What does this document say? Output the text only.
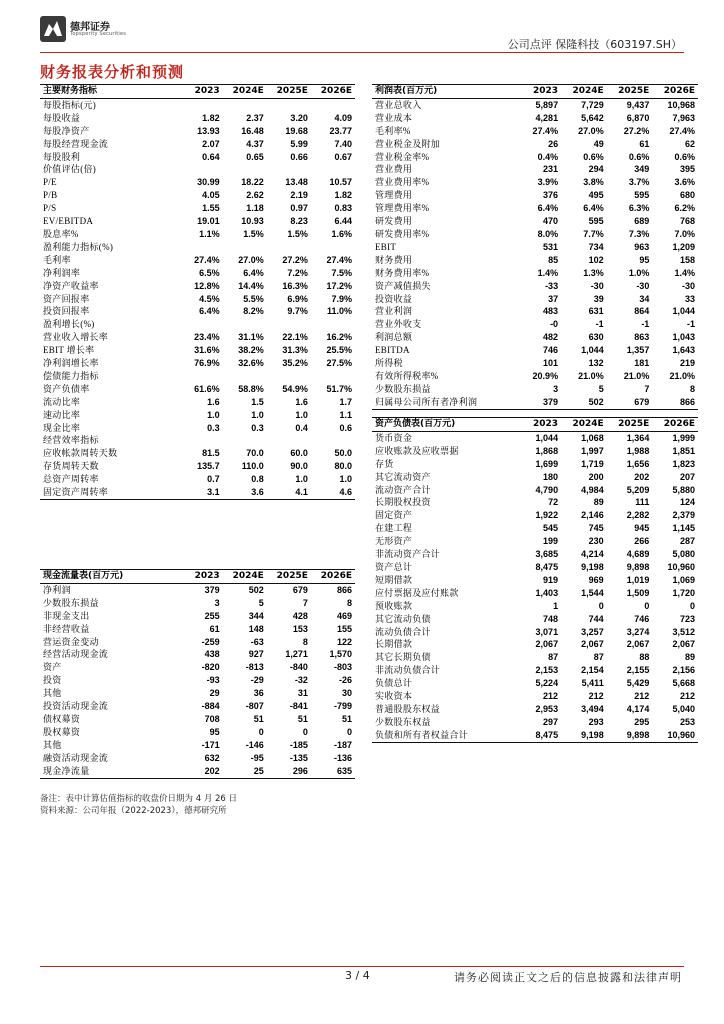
德邦证券
Topsperity Securities
公司点评 保隆科技（603197.SH）
财务报表分析和预测
主要财务指标	2023	2024E	2025E	2026E
每股指标(元)				
每股收益	1.82	2.37	3.20	4.09
每股净资产	13.93	16.48	19.68	23.77
每股经营现金流	2.07	4.37	5.99	7.40
每股股利	0.64	0.65	0.66	0.67
价值评估(倍)				
P/E	30.99	18.22	13.48	10.57
P/B	4.05	2.62	2.19	1.82
P/S	1.55	1.18	0.97	0.83
EV/EBITDA	19.01	10.93	8.23	6.44
股息率%	1.1%	1.5%	1.5%	1.6%
盈利能力指标(%)				
毛利率	27.4%	27.0%	27.2%	27.4%
净利润率	6.5%	6.4%	7.2%	7.5%
净资产收益率	12.8%	14.4%	16.3%	17.2%
资产回报率	4.5%	5.5%	6.9%	7.9%
投资回报率	6.4%	8.2%	9.7%	11.0%
盈利增长(%)				
营业收入增长率	23.4%	31.1%	22.1%	16.2%
EBIT 增长率	31.6%	38.2%	31.3%	25.5%
净利润增长率	76.9%	32.6%	35.2%	27.5%
偿债能力指标				
资产负债率	61.6%	58.8%	54.9%	51.7%
流动比率	1.6	1.5	1.6	1.7
速动比率	1.0	1.0	1.0	1.1
现金比率	0.3	0.3	0.4	0.6
经营效率指标				
应收帐款周转天数	81.5	70.0	60.0	50.0
存货周转天数	135.7	110.0	90.0	80.0
总资产周转率	0.7	0.8	1.0	1.0
固定资产周转率	3.1	3.6	4.1	4.6
利润表(百万元)	2023	2024E	2025E	2026E
营业总收入	5,897	7,729	9,437	10,968
营业成本	4,281	5,642	6,870	7,963
毛利率%	27.4%	27.0%	27.2%	27.4%
营业税金及附加	26	49	61	62
营业税金率%	0.4%	0.6%	0.6%	0.6%
营业费用	231	294	349	395
营业费用率%	3.9%	3.8%	3.7%	3.6%
管理费用	376	495	595	680
管理费用率%	6.4%	6.4%	6.3%	6.2%
研发费用	470	595	689	768
研发费用率%	8.0%	7.7%	7.3%	7.0%
EBIT	531	734	963	1,209
财务费用	85	102	95	158
财务费用率%	1.4%	1.3%	1.0%	1.4%
资产减值损失	-33	-30	-30	-30
投资收益	37	39	34	33
营业利润	483	631	864	1,044
营业外收支	-0	-1	-1	-1
利润总额	482	630	863	1,043
EBITDA	746	1,044	1,357	1,643
所得税	101	132	181	219
有效所得税率%	20.9%	21.0%	21.0%	21.0%
少数股东损益	3	5	7	8
归属母公司所有者净利润	379	502	679	866
资产负债表(百万元)	2023	2024E	2025E	2026E
货币资金	1,044	1,068	1,364	1,999
应收账款及应收票据	1,868	1,997	1,988	1,851
存货	1,699	1,719	1,656	1,823
其它流动资产	180	200	202	207
流动资产合计	4,790	4,984	5,209	5,880
长期股权投资	72	89	111	124
固定资产	1,922	2,146	2,282	2,379
在建工程	545	745	945	1,145
无形资产	199	230	266	287
非流动资产合计	3,685	4,214	4,689	5,080
资产总计	8,475	9,198	9,898	10,960
短期借款	919	969	1,019	1,069
应付票据及应付账款	1,403	1,544	1,509	1,720
预收账款	1	0	0	0
其它流动负债	748	744	746	723
流动负债合计	3,071	3,257	3,274	3,512
长期借款	2,067	2,067	2,067	2,067
其它长期负债	87	87	88	89
非流动负债合计	2,153	2,154	2,155	2,156
负债总计	5,224	5,411	5,429	5,668
实收资本	212	212	212	212
普通股股东权益	2,953	3,494	4,174	5,040
少数股东权益	297	293	295	253
负债和所有者权益合计	8,475	9,198	9,898	10,960
现金流量表(百万元)	2023	2024E	2025E	2026E
净利润	379	502	679	866
少数股东损益	3	5	7	8
非现金支出	255	344	428	469
非经营收益	61	148	153	155
营运资金变动	-259	-63	8	122
经营活动现金流	438	927	1,271	1,570
资产	-820	-813	-840	-803
投资	-93	-29	-32	-26
其他	29	36	31	30
投资活动现金流	-884	-807	-841	-799
债权募资	708	51	51	51
股权募资	95	0	0	0
其他	-171	-146	-185	-187
融资活动现金流	632	-95	-135	-136
现金净流量	202	25	296	635
备注：表中计算估值指标的收盘价日期为 4 月 26 日
资料来源：公司年报（2022-2023），德邦研究所
3 / 4	请务必阅读正文之后的信息披露和法律声明
